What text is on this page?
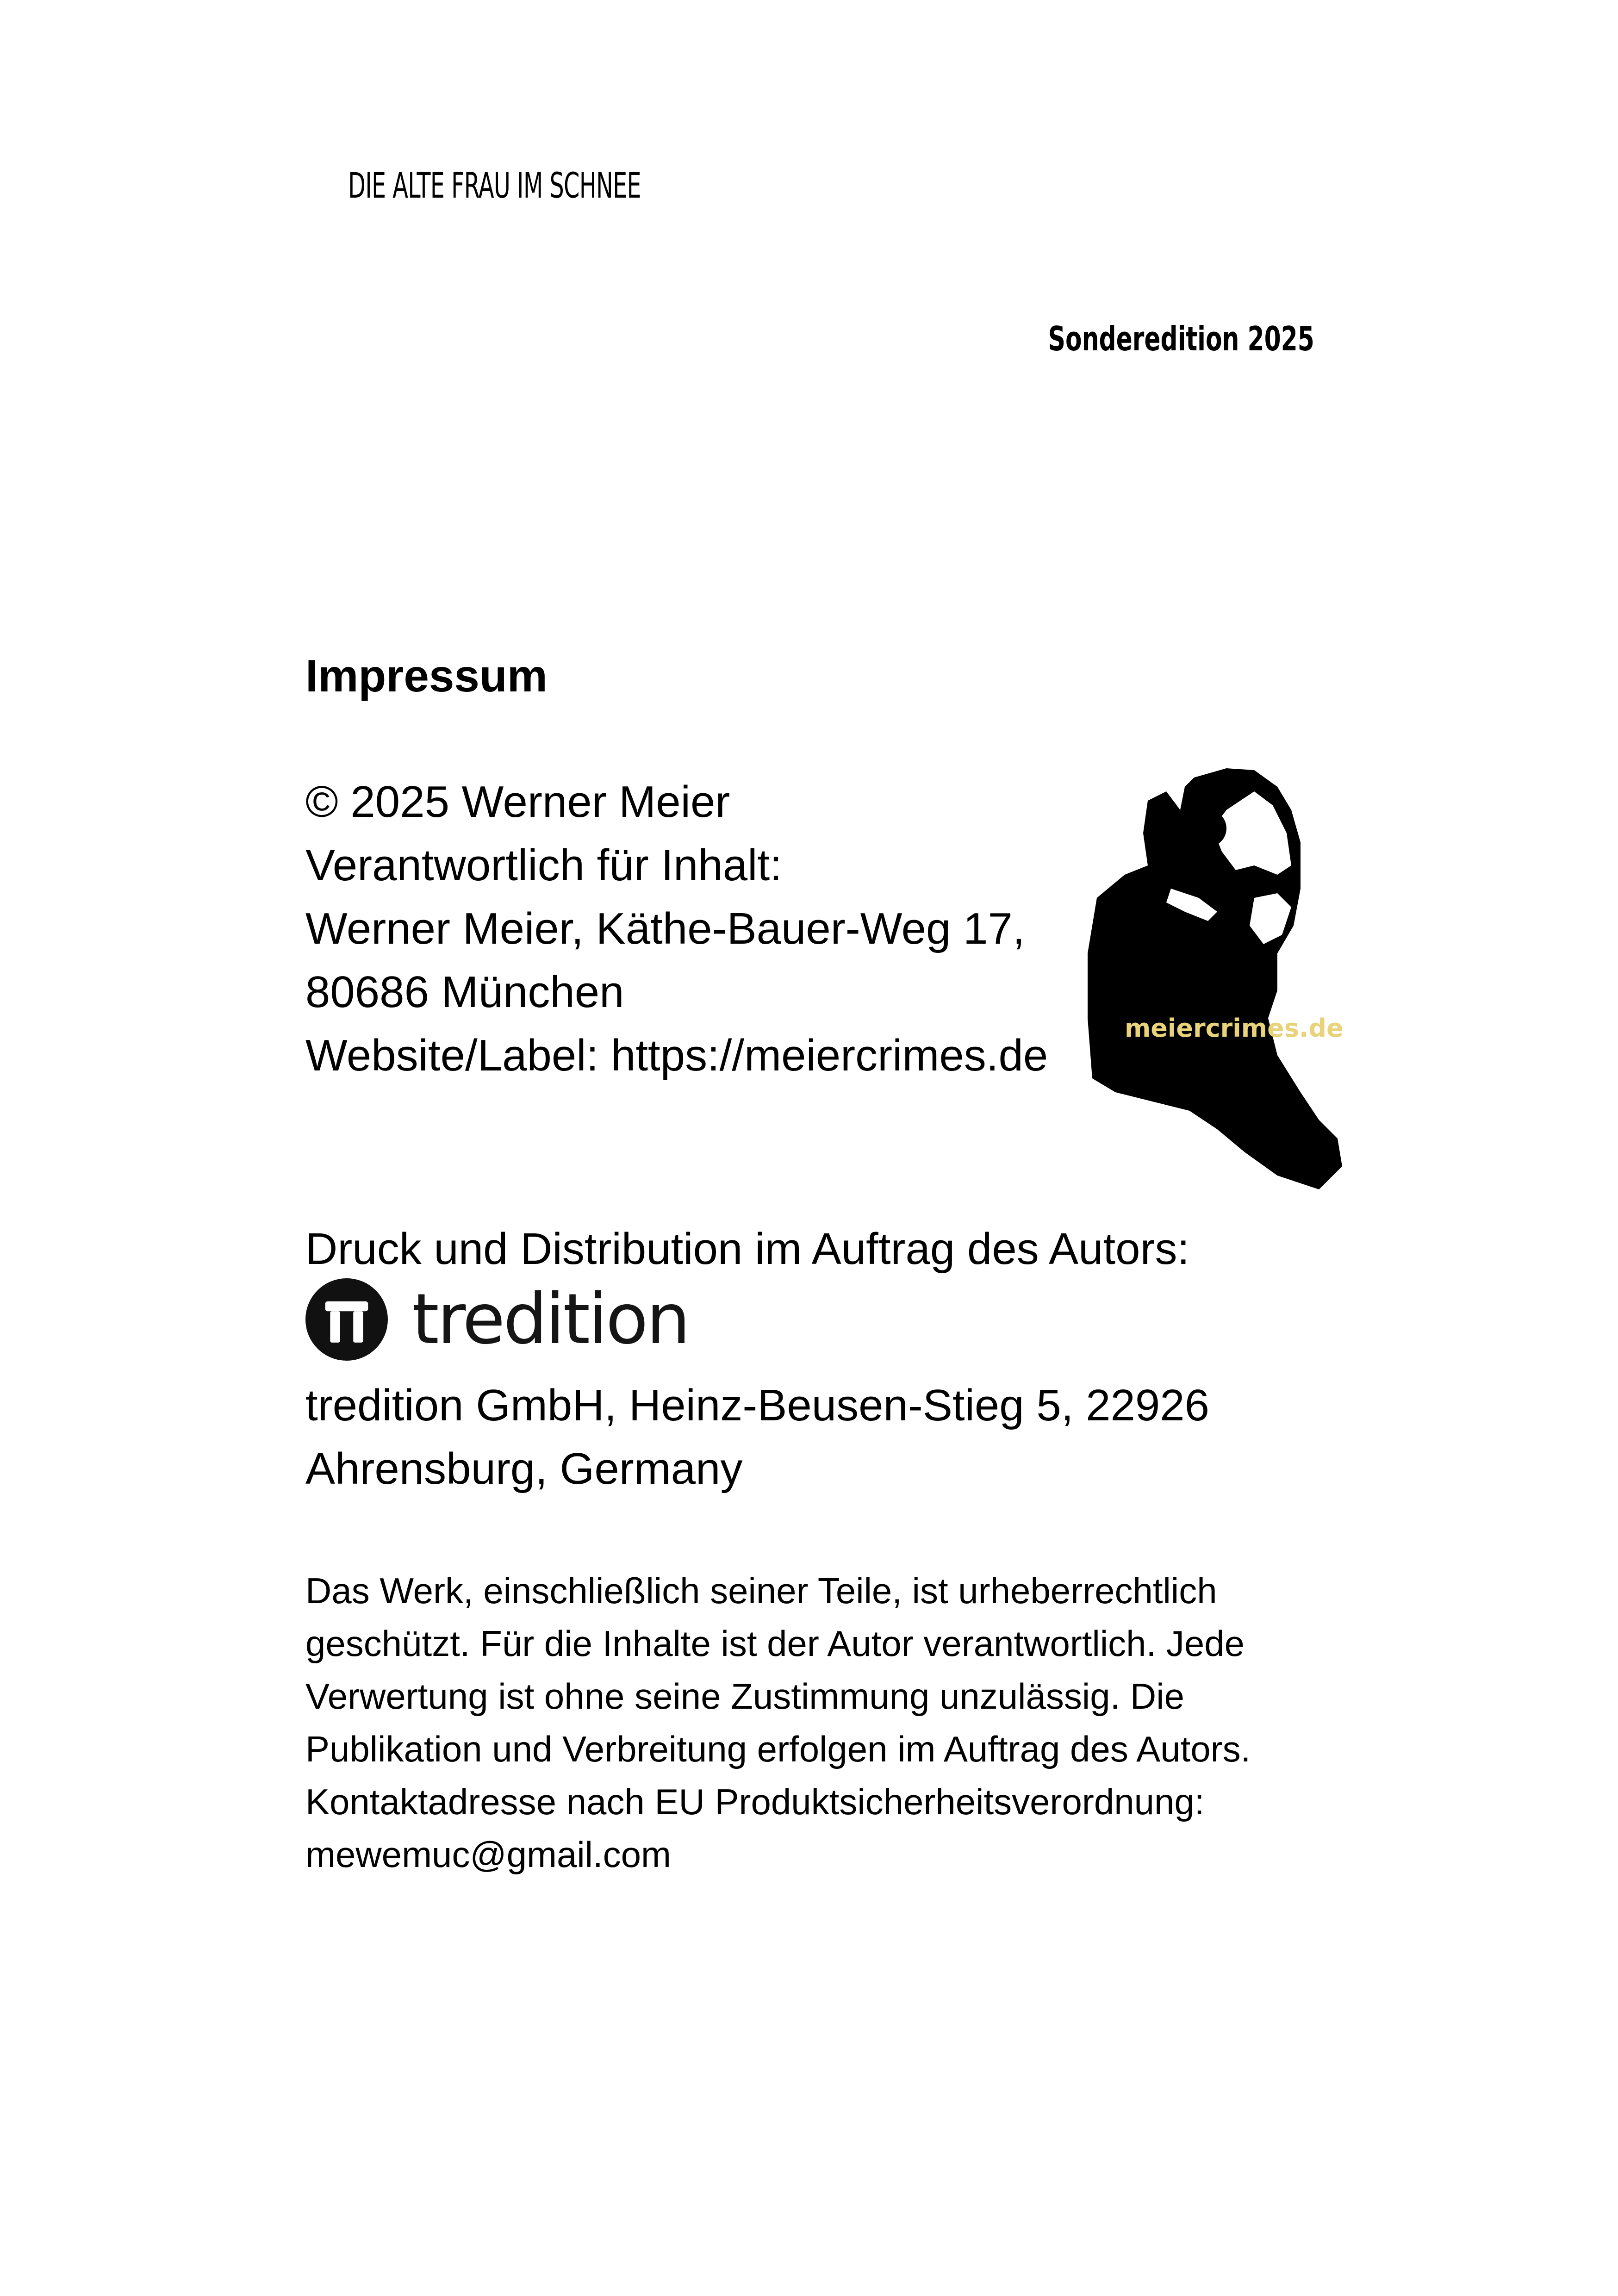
DIE ALTE FRAU IM SCHNEE
Sonderedition 2025
Impressum
© 2025 Werner Meier
Verantwortlich für Inhalt:
Werner Meier, Käthe-Bauer-Weg 17,
80686 München
Website/Label: https://meiercrimes.de
meiercrimes.de
Druck und Distribution im Auftrag des Autors:
tredition
tredition GmbH, Heinz-Beusen-Stieg 5, 22926
Ahrensburg, Germany
Das Werk, einschließlich seiner Teile, ist urheberrechtlich
geschützt. Für die Inhalte ist der Autor verantwortlich. Jede
Verwertung ist ohne seine Zustimmung unzulässig. Die
Publikation und Verbreitung erfolgen im Auftrag des Autors.
Kontaktadresse nach EU Produktsicherheitsverordnung:
mewemuc@gmail.com
